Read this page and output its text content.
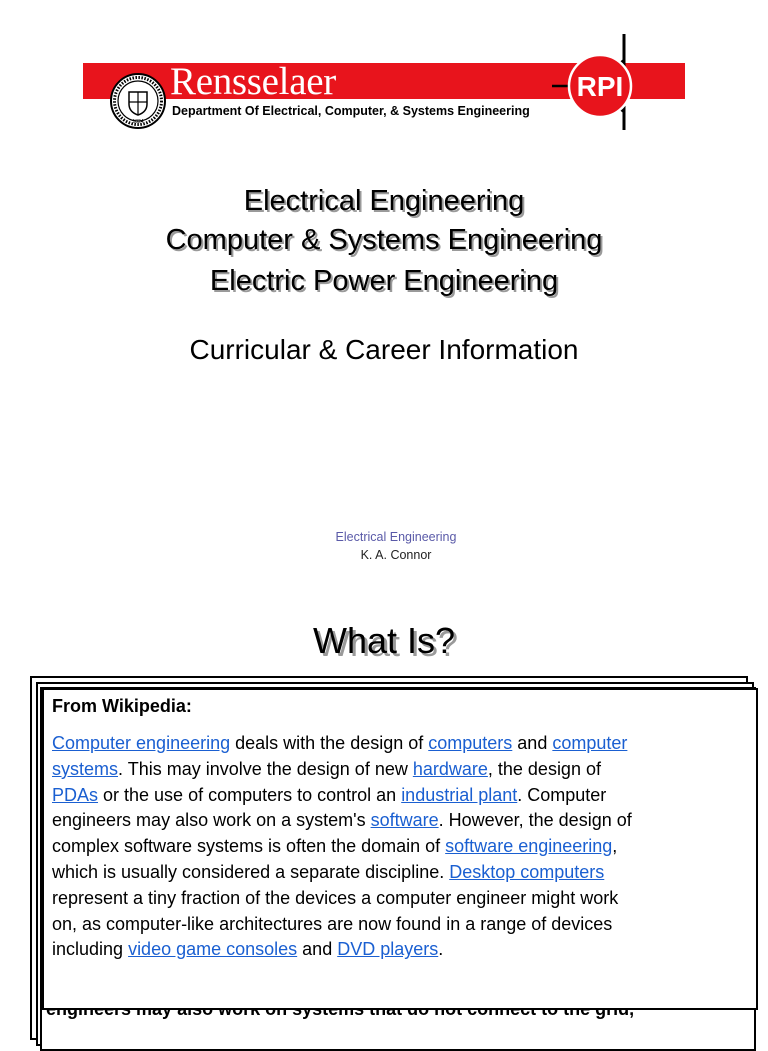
1824
Rensselaer
Department Of Electrical, Computer, & Systems Engineering
RPI
Electrical Engineering
Computer & Systems Engineering
Electric Power Engineering
Curricular & Career Information
Electrical Engineering
K. A. Connor
What Is?
From Wikipedia:
Computer engineering deals with the design of computers and computer
systems. This may involve the design of new hardware, the design of
PDAs or the use of computers to control an industrial plant. Computer
engineers may also work on a system's software. However, the design of
complex software systems is often the domain of software engineering,
which is usually considered a separate discipline. Desktop computers
represent a tiny fraction of the devices a computer engineer might work
on, as computer-like architectures are now found in a range of devices
including video game consoles and DVD players.
